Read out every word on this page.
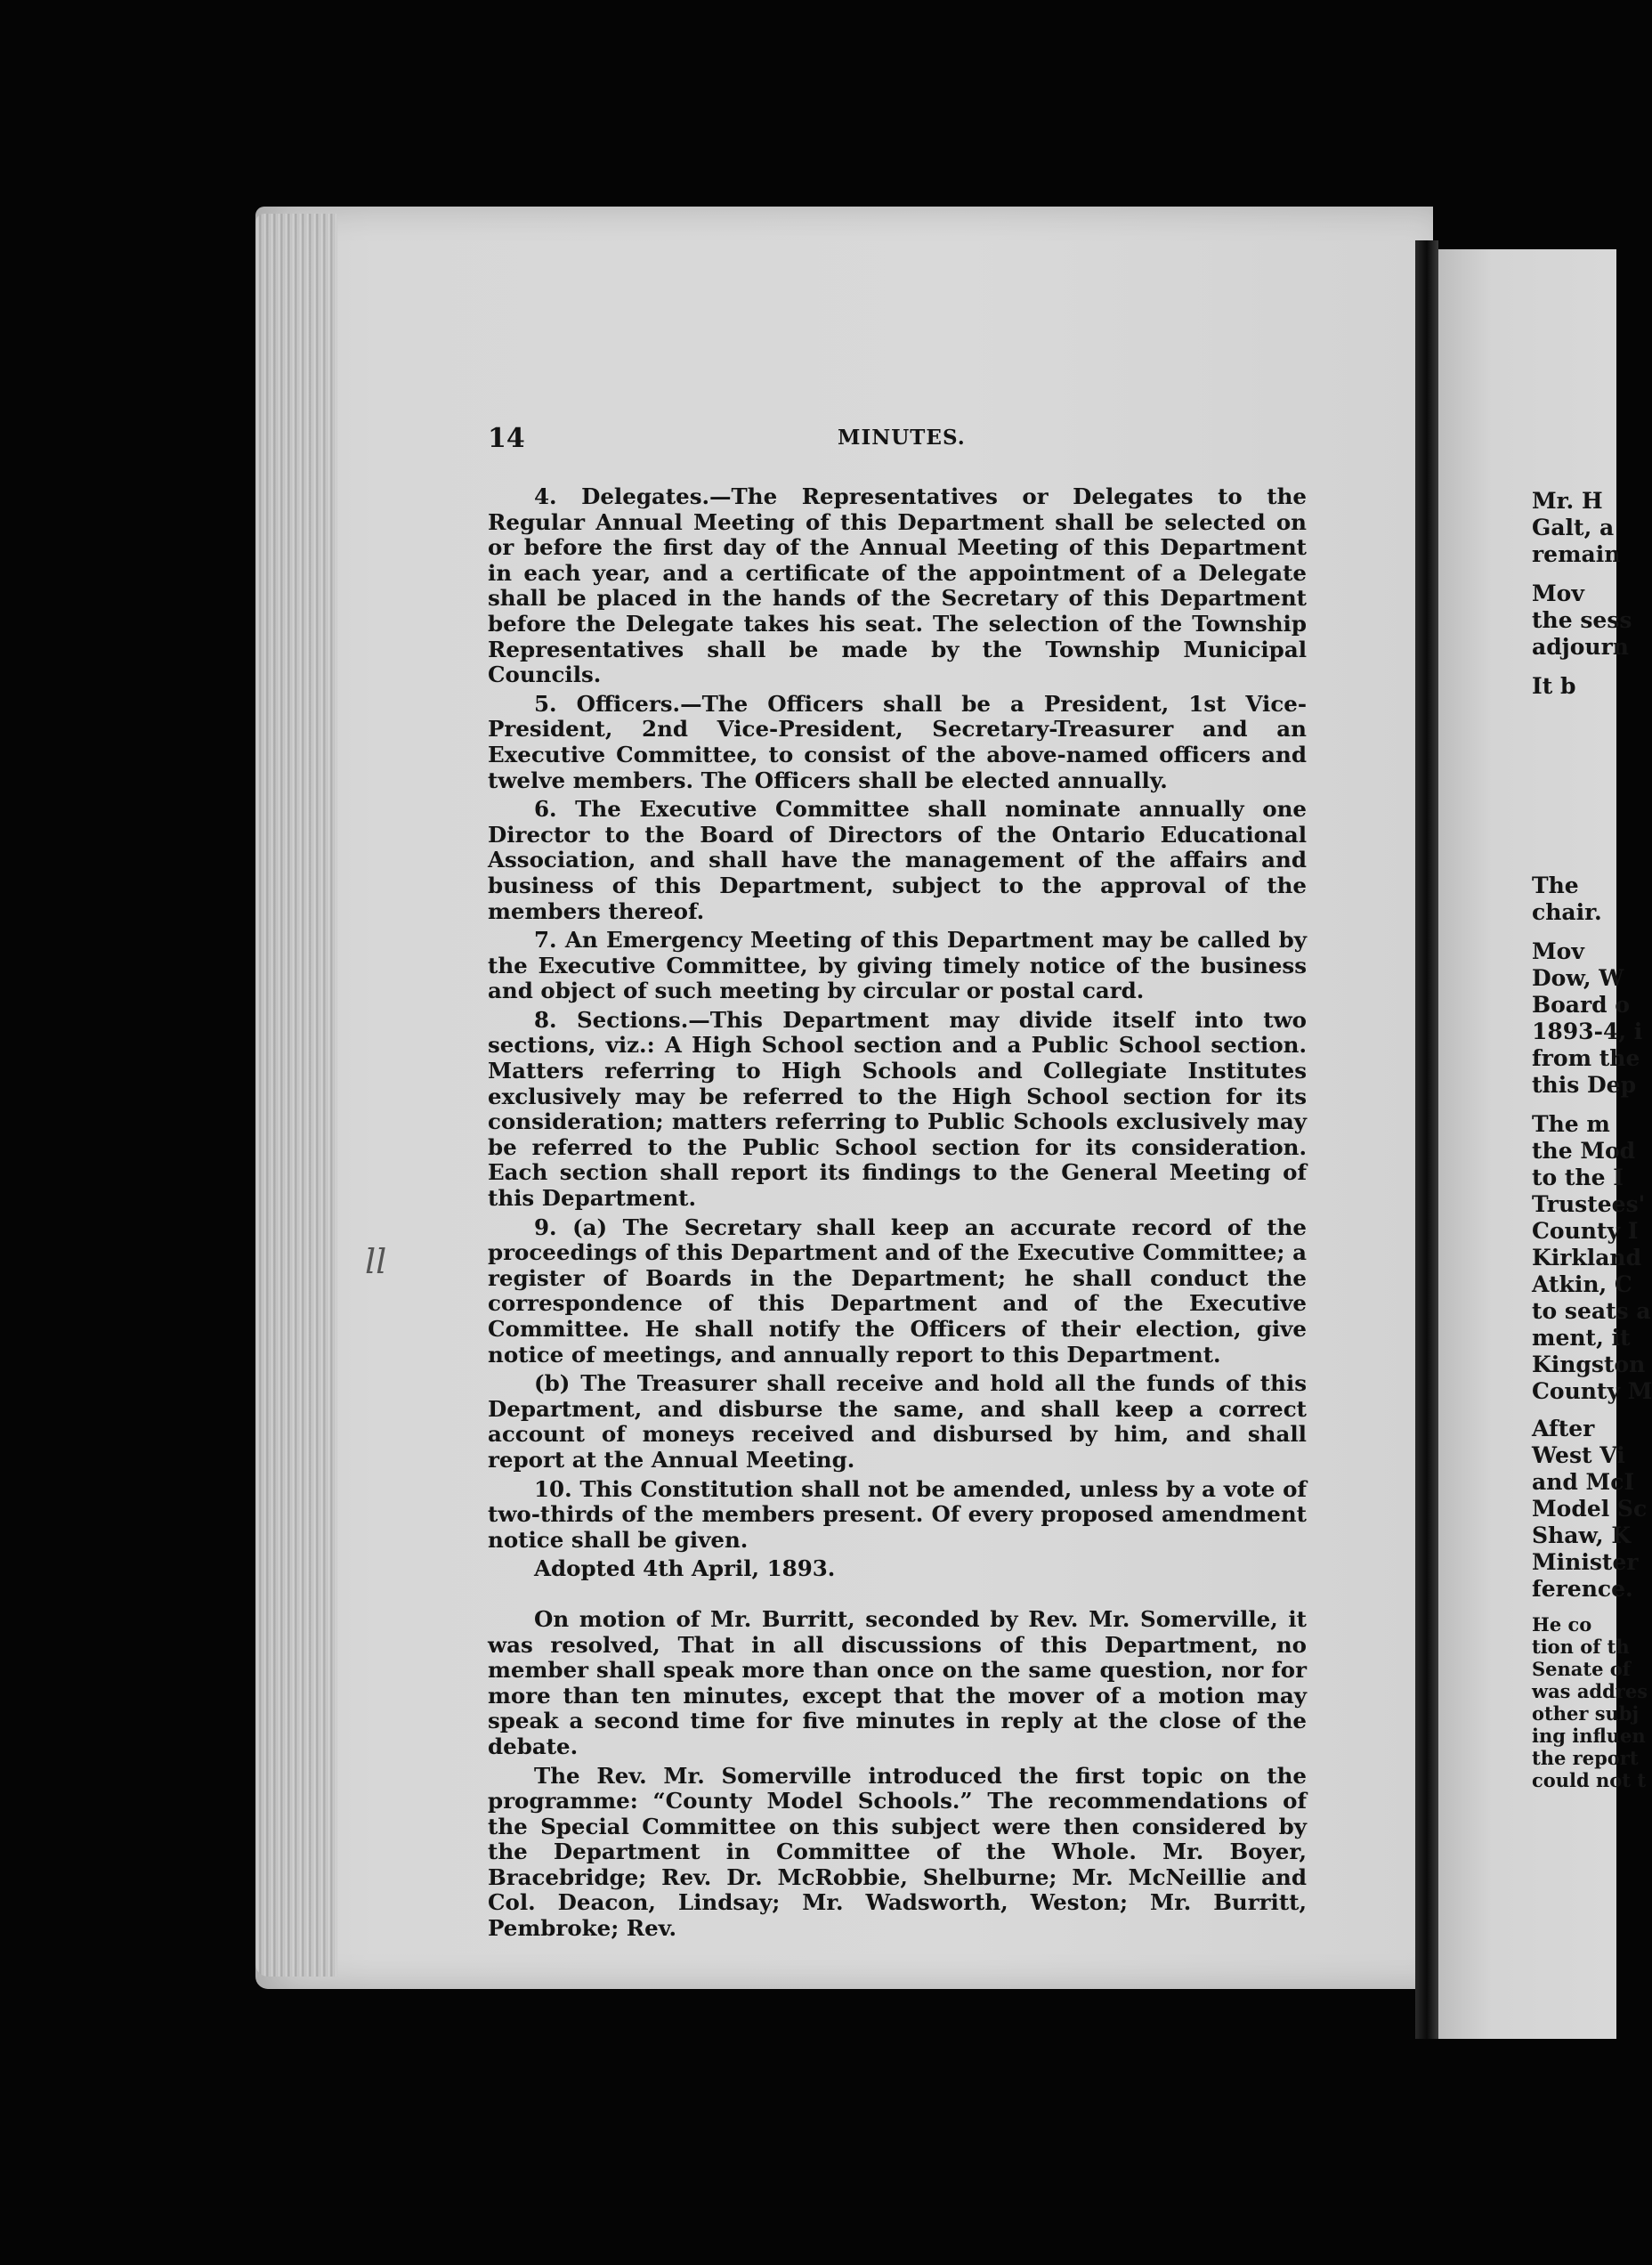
14	MINUTES.
ll

4. Delegates.—The Representatives or Delegates to the Regular Annual Meeting of this Department shall be selected on or before the first day of the Annual Meeting of this Department in each year, and a certificate of the appointment of a Delegate shall be placed in the hands of the Secretary of this Department before the Delegate takes his seat. The selection of the Township Representatives shall be made by the Township Municipal Councils.

5. Officers.—The Officers shall be a President, 1st Vice-President, 2nd Vice-President, Secretary-Treasurer and an Executive Committee, to consist of the above-named officers and twelve members. The Officers shall be elected annually.

6. The Executive Committee shall nominate annually one Director to the Board of Directors of the Ontario Educational Association, and shall have the management of the affairs and business of this Department, subject to the approval of the members thereof.

7. An Emergency Meeting of this Department may be called by the Executive Committee, by giving timely notice of the business and object of such meeting by circular or postal card.

8. Sections.—This Department may divide itself into two sections, viz.: A High School section and a Public School section. Matters referring to High Schools and Collegiate Institutes exclusively may be referred to the High School section for its consideration; matters referring to Public Schools exclusively may be referred to the Public School section for its consideration. Each section shall report its findings to the General Meeting of this Department.

9. (a) The Secretary shall keep an accurate record of the proceedings of this Department and of the Executive Committee; a register of Boards in the Department; he shall conduct the correspondence of this Department and of the Executive Committee. He shall notify the Officers of their election, give notice of meetings, and annually report to this Department.

(b) The Treasurer shall receive and hold all the funds of this Department, and disburse the same, and shall keep a correct account of moneys received and disbursed by him, and shall report at the Annual Meeting.

10. This Constitution shall not be amended, unless by a vote of two-thirds of the members present. Of every proposed amendment notice shall be given.

Adopted 4th April, 1893.

On motion of Mr. Burritt, seconded by Rev. Mr. Somerville, it was resolved, That in all discussions of this Department, no member shall speak more than once on the same question, nor for more than ten minutes, except that the mover of a motion may speak a second time for five minutes in reply at the close of the debate.

The Rev. Mr. Somerville introduced the first topic on the programme: “County Model Schools.” The recommendations of the Special Committee on this subject were then considered by the Department in Committee of the Whole. Mr. Boyer, Bracebridge; Rev. Dr. McRobbie, Shelburne; Mr. McNeillie and Col. Deacon, Lindsay; Mr. Wadsworth, Weston; Mr. Burritt, Pembroke; Rev.

Mr. H
Galt, a
remain
Mov
the sess
adjourn
It b
The
chair.
Mov
Dow, W
Board o
1893-4, i
from the
this Dep
The m
the Mod
to the I
Trustees'
County I
Kirkland
Atkin, C
to seats a
ment, it
Kingston
County M
After
West Vi
and McI
Model Sc
Shaw, K
Minister
ference.
He co
tion of th
Senate of
was addres
other subj
ing influen
the report
could not t
